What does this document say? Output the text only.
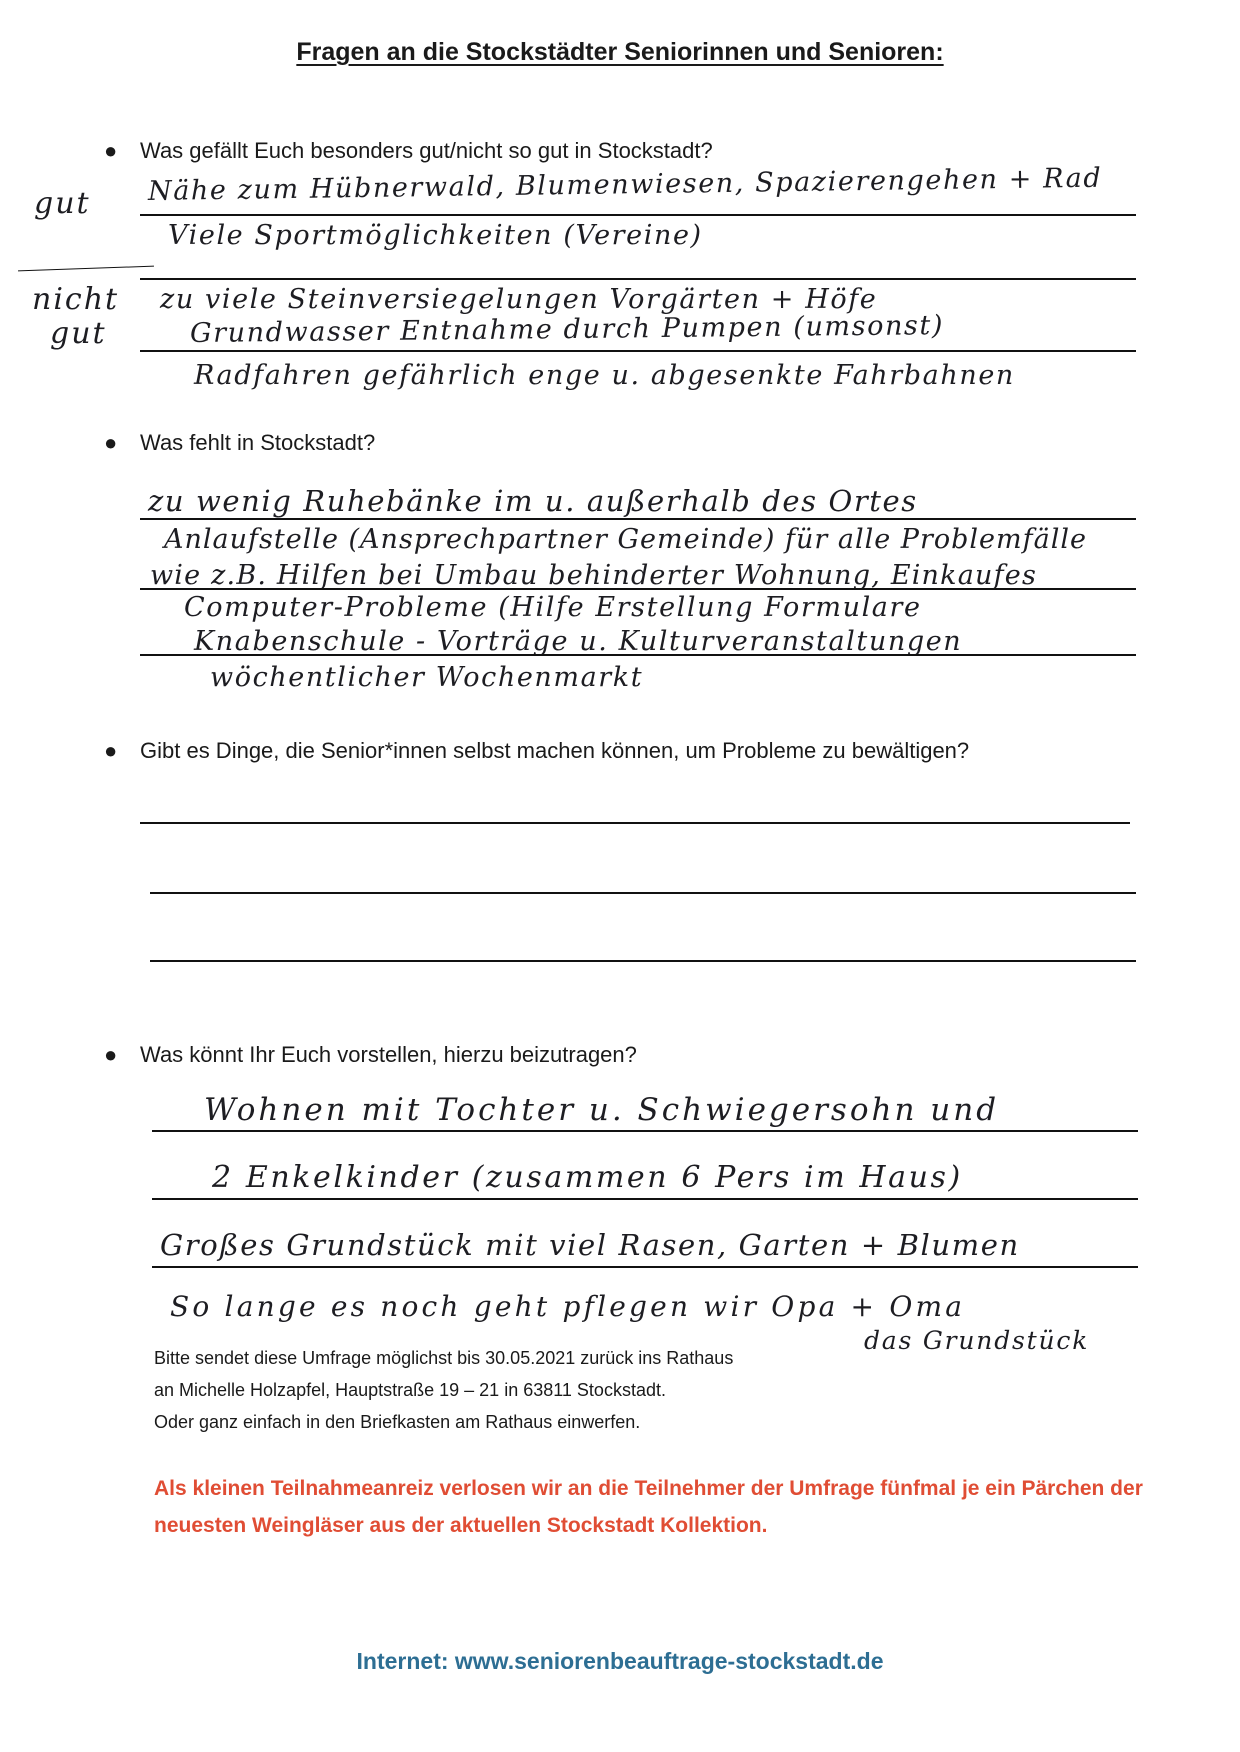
Fragen an die Stockstädter Seniorinnen und Senioren:
● Was gefällt Euch besonders gut/nicht so gut in Stockstadt?
gut
nicht
gut
Nähe zum Hübnerwald, Blumenwiesen, Spazierengehen + Rad
Viele Sportmöglichkeiten (Vereine)
zu viele Steinversiegelungen Vorgärten + Höfe
Grundwasser Entnahme durch Pumpen (umsonst)
Radfahren gefährlich enge u. abgesenkte Fahrbahnen
● Was fehlt in Stockstadt?
zu wenig Ruhebänke im u. außerhalb des Ortes
Anlaufstelle (Ansprechpartner Gemeinde) für alle Problemfälle
wie z.B. Hilfen bei Umbau behinderter Wohnung, Einkaufes
Computer-Probleme (Hilfe Erstellung Formulare
Knabenschule - Vorträge u. Kulturveranstaltungen
wöchentlicher Wochenmarkt
● Gibt es Dinge, die Senior*innen selbst machen können, um Probleme zu bewältigen?
● Was könnt Ihr Euch vorstellen, hierzu beizutragen?
Wohnen mit Tochter u. Schwiegersohn und
2 Enkelkinder (zusammen 6 Pers im Haus)
Großes Grundstück mit viel Rasen, Garten + Blumen
So lange es noch geht pflegen wir Opa + Oma
das Grundstück
Bitte sendet diese Umfrage möglichst bis 30.05.2021 zurück ins Rathaus
an Michelle Holzapfel, Hauptstraße 19 – 21 in 63811 Stockstadt.
Oder ganz einfach in den Briefkasten am Rathaus einwerfen.
Als kleinen Teilnahmeanreiz verlosen wir an die Teilnehmer der Umfrage fünfmal je ein Pärchen der neuesten Weingläser aus der aktuellen Stockstadt Kollektion.
Internet: www.seniorenbeauftrage-stockstadt.de
